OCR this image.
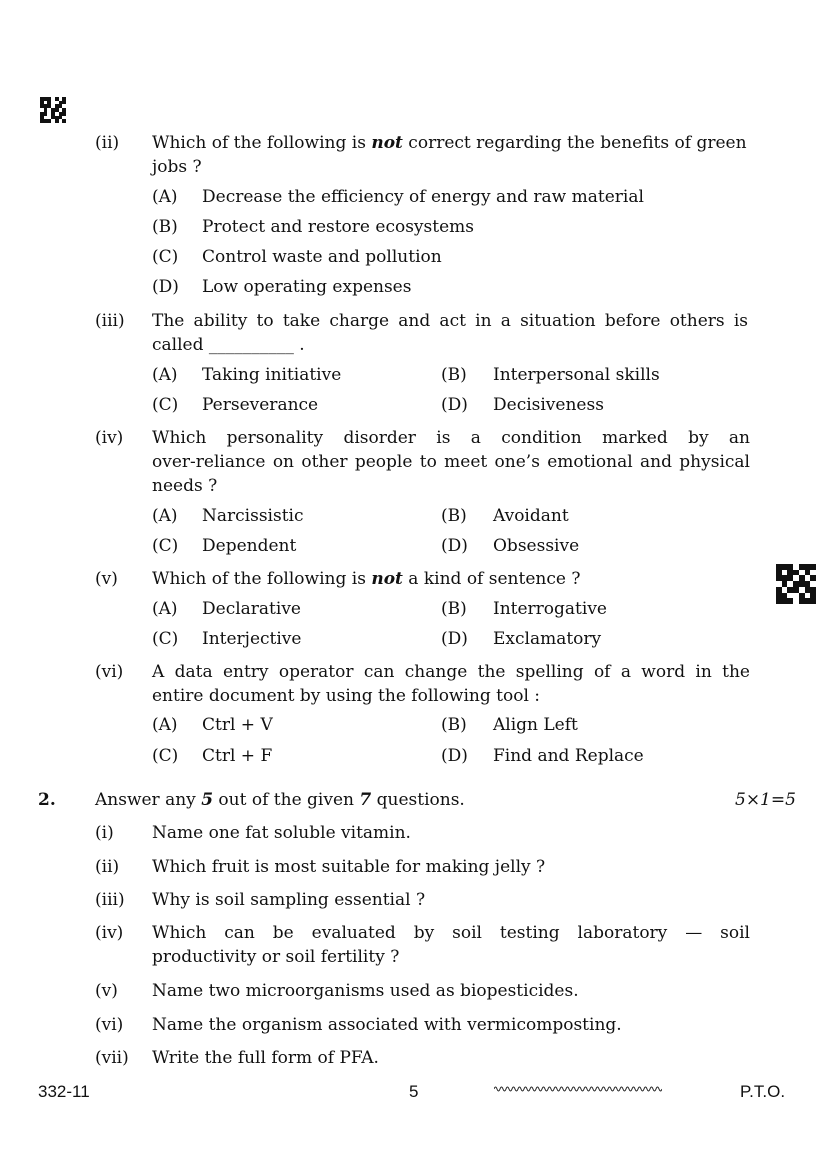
(ii) Which of the following is not correct regarding the benefits of green
jobs ?
(A) Decrease the efficiency of energy and raw material
(B) Protect and restore ecosystems
(C) Control waste and pollution
(D) Low operating expenses
(iii) The ability to take charge and act in a situation before others is
called __________ .
(A) Taking initiative	(B) Interpersonal skills
(C) Perseverance	(D) Decisiveness
(iv) Which personality disorder is a condition marked by an
over-reliance on other people to meet one’s emotional and physical
needs ?
(A) Narcissistic	(B) Avoidant
(C) Dependent	(D) Obsessive
(v) Which of the following is not a kind of sentence ?
(A) Declarative	(B) Interrogative
(C) Interjective	(D) Exclamatory
(vi) A data entry operator can change the spelling of a word in the
entire document by using the following tool :
(A) Ctrl + V	(B) Align Left
(C) Ctrl + F	(D) Find and Replace
2. Answer any 5 out of the given 7 questions.	5×1=5
(i) Name one fat soluble vitamin.
(ii) Which fruit is most suitable for making jelly ?
(iii) Why is soil sampling essential ?
(iv) Which can be evaluated by soil testing laboratory — soil
productivity or soil fertility ?
(v) Name two microorganisms used as biopesticides.
(vi) Name the organism associated with vermicomposting.
(vii) Write the full form of PFA.
332-11	5	P.T.O.
